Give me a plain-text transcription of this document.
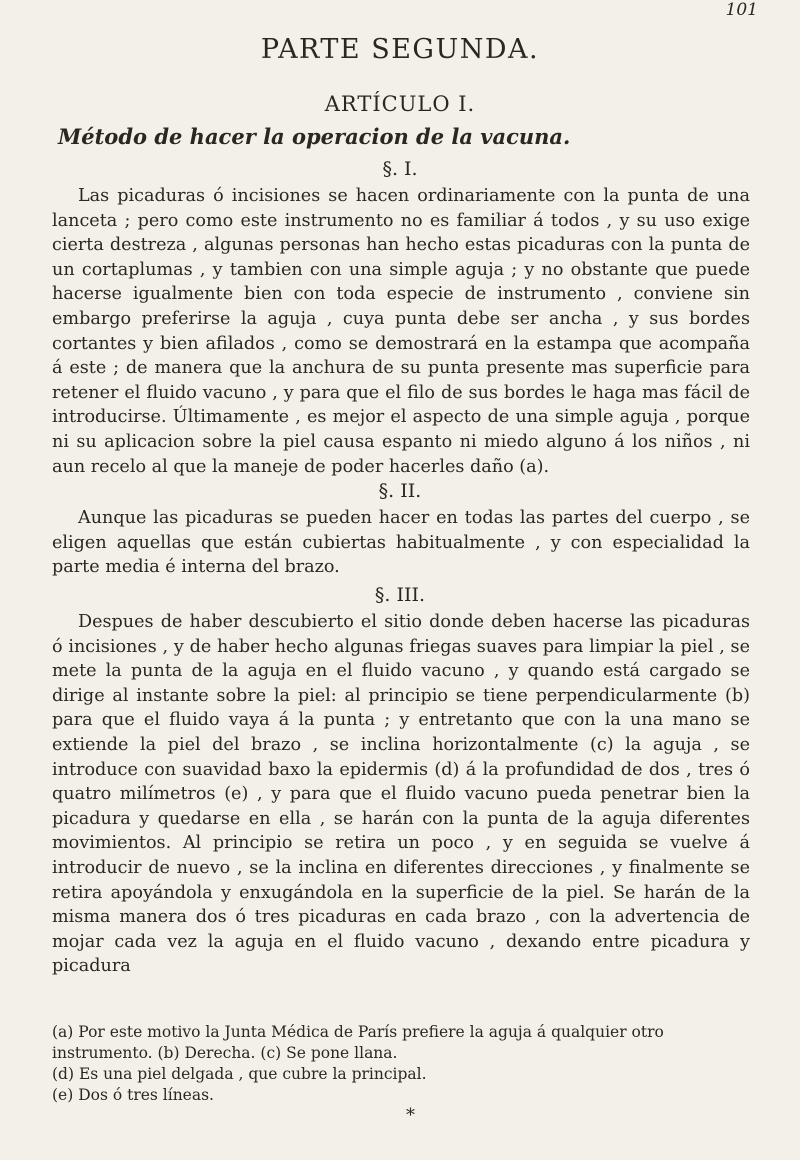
101
PARTE SEGUNDA.
ARTÍCULO I.
Método de hacer la operacion de la vacuna.
§. I.

Las picaduras ó incisiones se hacen ordinariamente con la punta de una lanceta ; pero como este instrumento no es familiar á todos , y su uso exige cierta destreza , algunas personas han hecho estas picaduras con la punta de un cortaplumas , y tambien con una simple aguja ; y no obstante que puede hacerse igualmente bien con toda especie de instrumento , conviene sin embargo preferirse la aguja , cuya punta debe ser ancha , y sus bordes cortantes y bien afilados , como se demostrará en la estampa que acompaña á este ; de manera que la anchura de su punta presente mas superficie para retener el fluido vacuno , y para que el filo de sus bordes le haga mas fácil de introducirse. Últimamente , es mejor el aspecto de una simple aguja , porque ni su aplicacion sobre la piel causa espanto ni miedo alguno á los niños , ni aun recelo al que la maneje de poder hacerles daño (a).

§. II.

Aunque las picaduras se pueden hacer en todas las partes del cuerpo , se eligen aquellas que están cubiertas habitualmente , y con especialidad la parte media é interna del brazo.

§. III.

Despues de haber descubierto el sitio donde deben hacerse las picaduras ó incisiones , y de haber hecho algunas friegas suaves para limpiar la piel , se mete la punta de la aguja en el fluido vacuno , y quando está cargado se dirige al instante sobre la piel: al principio se tiene perpendicularmente (b) para que el fluido vaya á la punta ; y entretanto que con la una mano se extiende la piel del brazo , se inclina horizontalmente (c) la aguja , se introduce con suavidad baxo la epidermis (d) á la profundidad de dos , tres ó quatro milímetros (e) , y para que el fluido vacuno pueda penetrar bien la picadura y quedarse en ella , se harán con la punta de la aguja diferentes movimientos. Al principio se retira un poco , y en seguida se vuelve á introducir de nuevo , se la inclina en diferentes direcciones , y finalmente se retira apoyándola y enxugándola en la superficie de la piel. Se harán de la misma manera dos ó tres picaduras en cada brazo , con la advertencia de mojar cada vez la aguja en el fluido vacuno , dexando entre picadura y picadura

(a) Por este motivo la Junta Médica de París prefiere la aguja á qualquier otro instrumento. (b) Derecha. (c) Se pone llana.

(d) Es una piel delgada , que cubre la principal.

(e) Dos ó tres líneas.

*
